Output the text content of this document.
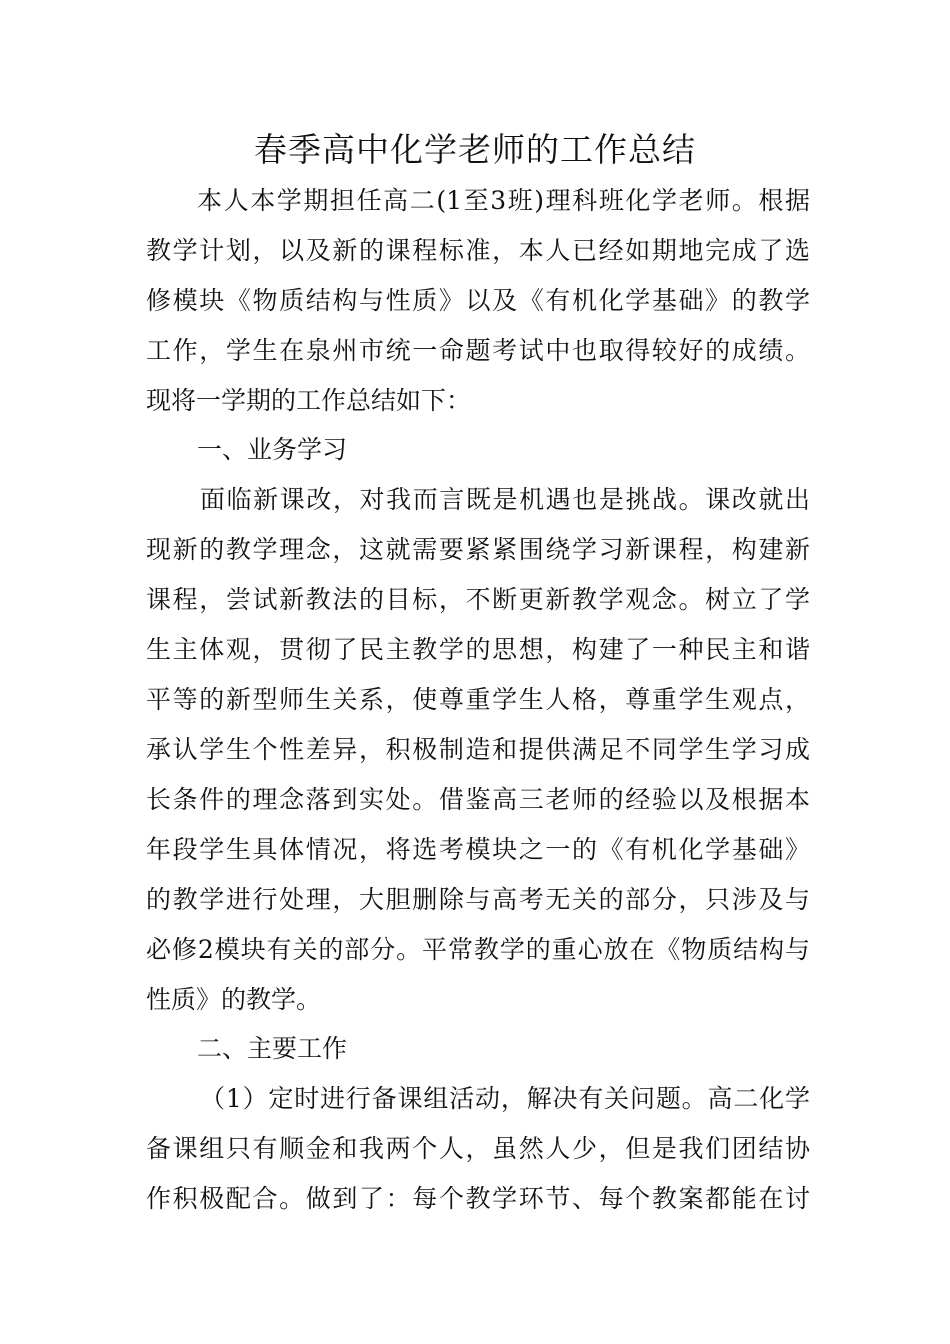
春季高中化学老师的工作总结

本人本学期担任高二(1至3班)理科班化学老师。根据

教学计划，以及新的课程标准，本人已经如期地完成了选

修模块《物质结构与性质》以及《有机化学基础》的教学

工作，学生在泉州市统一命题考试中也取得较好的成绩。

现将一学期的工作总结如下：

一、业务学习

面临新课改，对我而言既是机遇也是挑战。课改就出

现新的教学理念，这就需要紧紧围绕学习新课程，构建新

课程，尝试新教法的目标，不断更新教学观念。树立了学

生主体观，贯彻了民主教学的思想，构建了一种民主和谐

平等的新型师生关系，使尊重学生人格，尊重学生观点，

承认学生个性差异，积极制造和提供满足不同学生学习成

长条件的理念落到实处。借鉴高三老师的经验以及根据本

年段学生具体情况，将选考模块之一的《有机化学基础》

的教学进行处理，大胆删除与高考无关的部分，只涉及与

必修2模块有关的部分。平常教学的重心放在《物质结构与

性质》的教学。

二、主要工作

（1）定时进行备课组活动，解决有关问题。高二化学

备课组只有顺金和我两个人，虽然人少，但是我们团结协

作积极配合。做到了：每个教学环节、每个教案都能在讨
